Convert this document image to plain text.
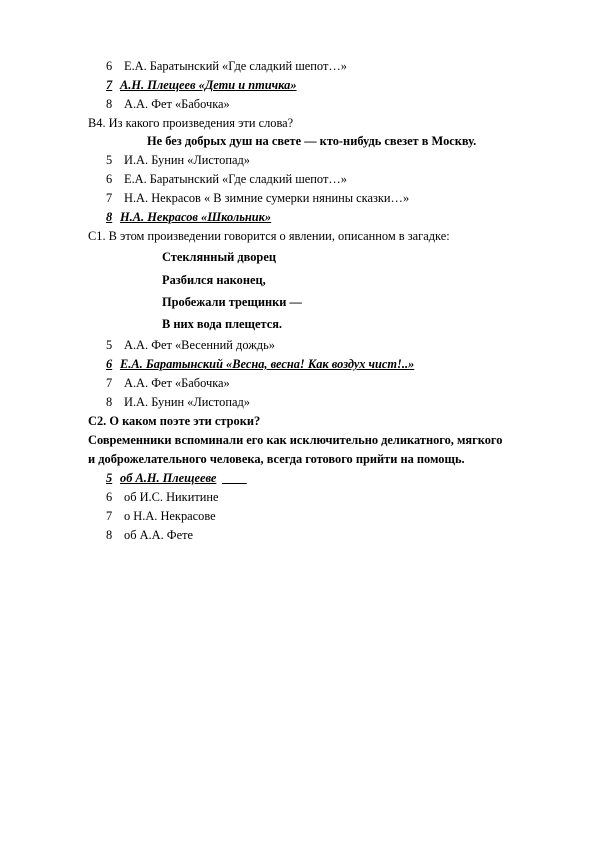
6 Е.А. Баратынский «Где сладкий шепот…»
7 А.Н. Плещеев «Дети и птичка»
8 А.А. Фет «Бабочка»
В4. Из какого произведения эти слова?
Не без добрых душ на свете — кто-нибудь свезет в Москву.
5 И.А. Бунин «Листопад»
6 Е.А. Баратынский «Где сладкий шепот…»
7 Н.А. Некрасов « В зимние сумерки нянины сказки…»
8 Н.А. Некрасов «Школьник»
С1. В этом произведении говорится о явлении, описанном в загадке:
Стеклянный дворец
Разбился наконец,
Пробежали трещинки —
В них вода плещется.
5 А.А. Фет «Весенний дождь»
6 Е.А. Баратынский «Весна, весна! Как воздух чист!..»
7 А.А. Фет «Бабочка»
8 И.А. Бунин «Листопад»
С2. О каком поэте эти строки?
Современники вспоминали его как исключительно деликатного, мягкого
и доброжелательного человека, всегда готового прийти на помощь.
5 об А.Н. Плещееве

6 об И.С. Никитине
7 о Н.А. Некрасове
8 об А.А. Фете
